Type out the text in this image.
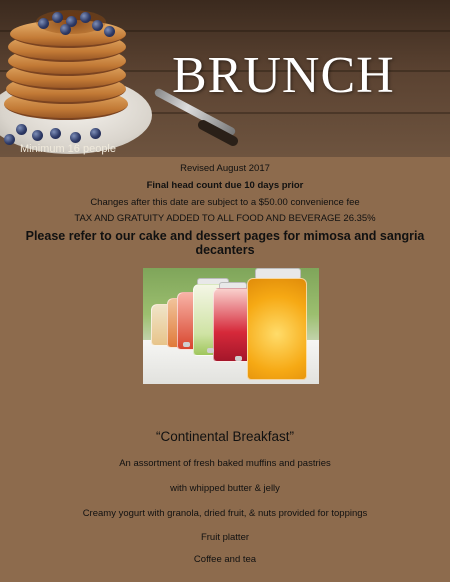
BRUNCH
Minimum 16 people
Revised August 2017
Final head count due 10 days prior
Changes after this date are subject to a $50.00 convenience fee
TAX AND GRATUITY ADDED TO ALL FOOD AND BEVERAGE 26.35%
Please refer to our cake and dessert pages for mimosa and sangria decanters
“Continental Breakfast”
An assortment of fresh baked muffins and pastries
with whipped butter & jelly
Creamy yogurt with granola, dried fruit, & nuts provided for toppings
Fruit platter
Coffee and tea
